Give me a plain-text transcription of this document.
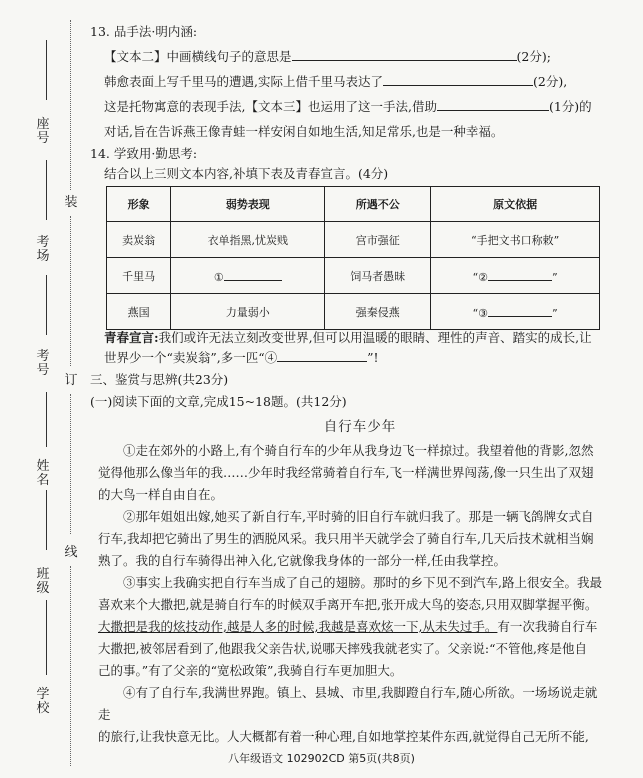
座号
考场
考号
姓名
班级
学校
装
订
线
13. 品手法·明内涵:
【文本二】中画横线句子的意思是	(2分);
韩愈表面上写千里马的遭遇,实际上借千里马表达了	(2分),
这是托物寓意的表现手法,【文本三】也运用了这一手法,借助	(1分)的
对话,旨在告诉燕王像青蛙一样安闲自如地生活,知足常乐,也是一种幸福。
14. 学致用·勤思考:
结合以上三则文本内容,补填下表及青春宣言。(4分)
形象	弱势表现	所遇不公	原文依据
卖炭翁	衣单指黑,忧炭贱	宫市强征	“手把文书口称敕”
千里马	①	饲马者愚昧	“② ”
燕国	力量弱小	强秦侵燕	“③ ”
青春宣言:我们或许无法立刻改变世界,但可以用温暖的眼睛、理性的声音、踏实的成长,让
世界少一个“卖炭翁”,多一匹“④	”!
三、鉴赏与思辨(共23分)
(一)阅读下面的文章,完成15~18题。(共12分)
自行车少年
①走在郊外的小路上,有个骑自行车的少年从我身边飞一样掠过。我望着他的背影,忽然
觉得他那么像当年的我……少年时我经常骑着自行车,飞一样满世界闯荡,像一只生出了双翅
的大鸟一样自由自在。
②那年姐姐出嫁,她买了新自行车,平时骑的旧自行车就归我了。那是一辆飞鸽牌女式自
行车,我却把它骑出了男生的洒脱风采。我只用半天就学会了骑自行车,几天后技术就相当娴
熟了。我的自行车骑得出神入化,它就像我身体的一部分一样,任由我掌控。
③事实上我确实把自行车当成了自己的翅膀。那时的乡下见不到汽车,路上很安全。我最
喜欢来个大撒把,就是骑自行车的时候双手离开车把,张开成大鸟的姿态,只用双脚掌握平衡。
大撒把是我的炫技动作,越是人多的时候,我越是喜欢炫一下,从未失过手。有一次我骑自行车
大撒把,被邻居看到了,他跟我父亲告状,说哪天摔残我就老实了。父亲说:“不管他,疼是他自
己的事。”有了父亲的“宽松政策”,我骑自行车更加胆大。
④有了自行车,我满世界跑。镇上、县城、市里,我脚蹬自行车,随心所欲。一场场说走就走
的旅行,让我快意无比。人大概都有着一种心理,自如地掌控某件东西,就觉得自己无所不能,
八年级语文 102902CD 第5页(共8页)
